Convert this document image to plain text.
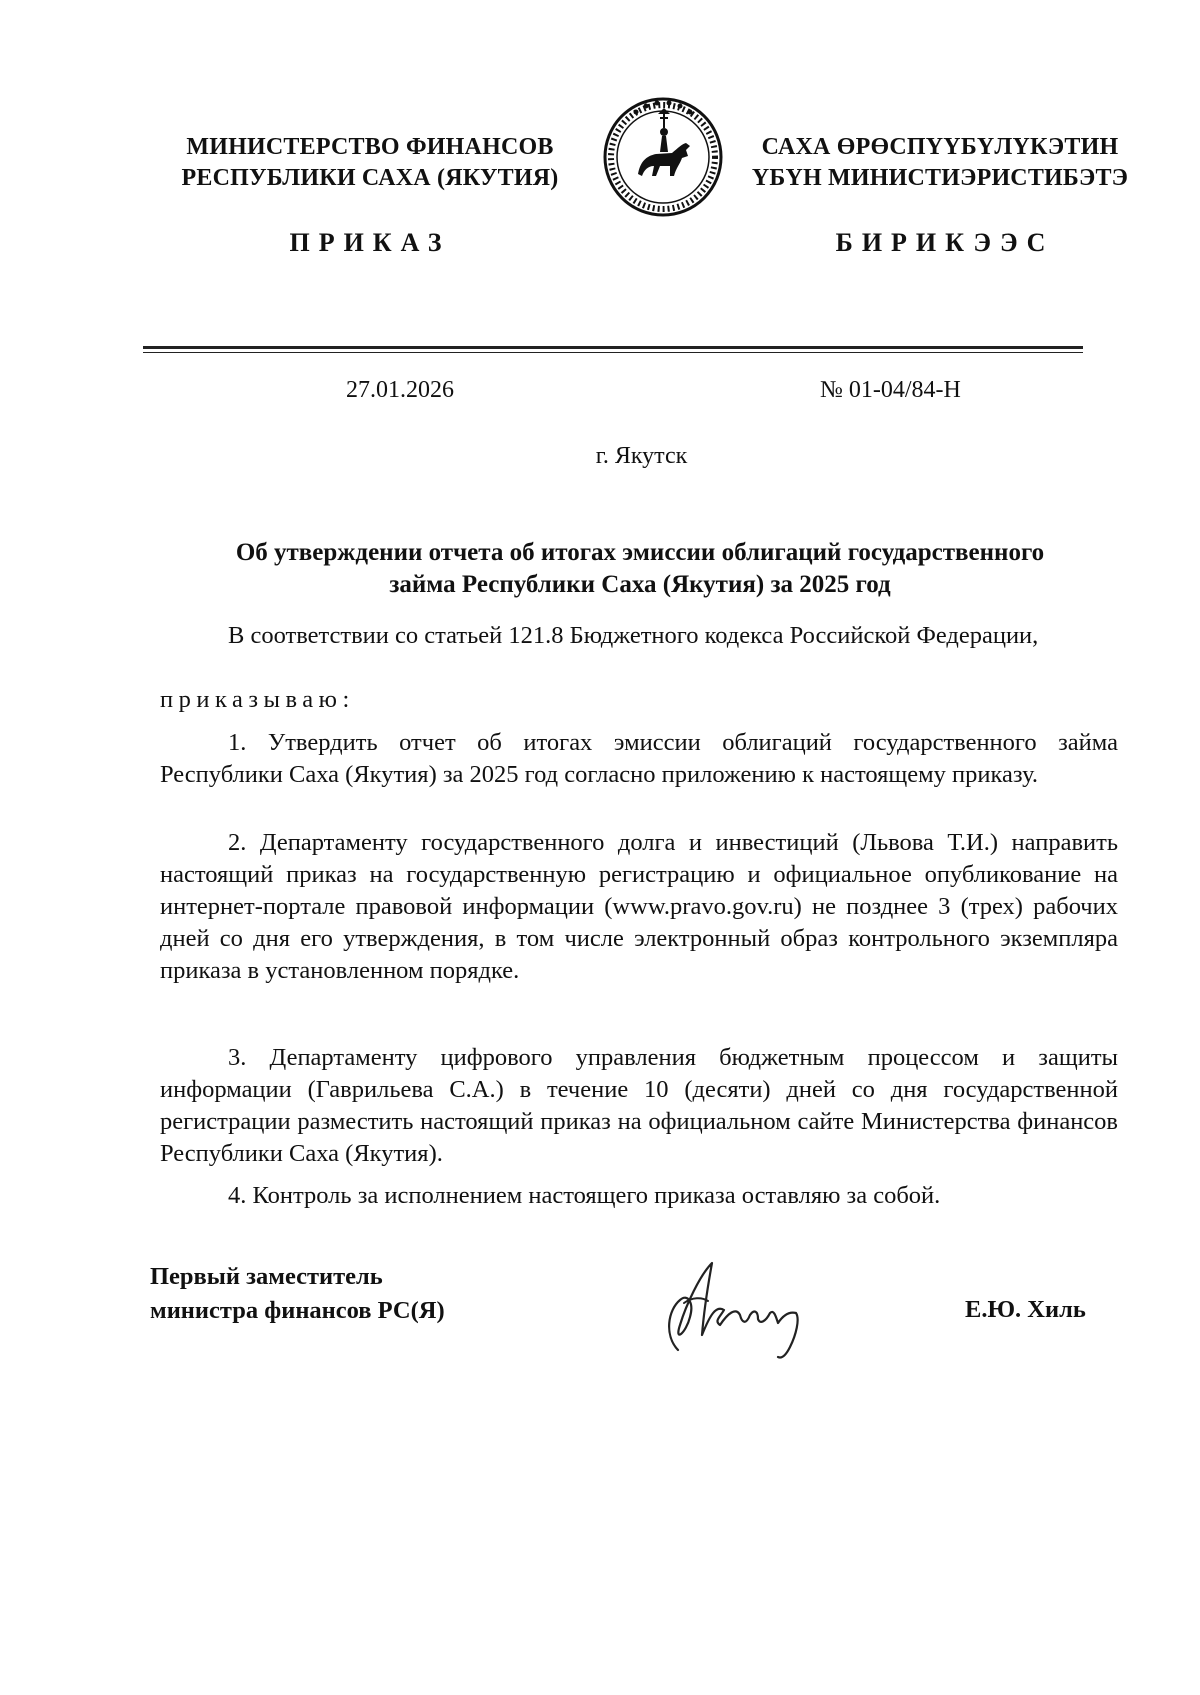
МИНИСТЕРСТВО ФИНАНСОВ
РЕСПУБЛИКИ САХА (ЯКУТИЯ)
САХА ӨРӨСПҮҮБҮЛҮКЭТИН
ҮБҮН МИНИСТИЭРИСТИБЭТЭ
ПРИКАЗ	БИРИКЭЭС
27.01.2026	№ 01-04/84-Н
г. Якутск
Об утверждении отчета об итогах эмиссии облигаций государственного
займа Республики Саха (Якутия) за 2025 год
В соответствии со статьей 121.8 Бюджетного кодекса Российской Федерации,
приказываю:
1. Утвердить отчет об итогах эмиссии облигаций государственного займа Республики Саха (Якутия) за 2025 год согласно приложению к настоящему приказу.
2. Департаменту государственного долга и инвестиций (Львова Т.И.) направить настоящий приказ на государственную регистрацию и официальное опубликование на интернет-портале правовой информации (www.pravo.gov.ru) не позднее 3 (трех) рабочих дней со дня его утверждения, в том числе электронный образ контрольного экземпляра приказа в установленном порядке.
3. Департаменту цифрового управления бюджетным процессом и защиты информации (Гаврильева С.А.) в течение 10 (десяти) дней со дня государственной регистрации разместить настоящий приказ на официальном сайте Министерства финансов Республики Саха (Якутия).
4. Контроль за исполнением настоящего приказа оставляю за собой.
Первый заместитель
министра финансов РС(Я)	Е.Ю. Хиль
